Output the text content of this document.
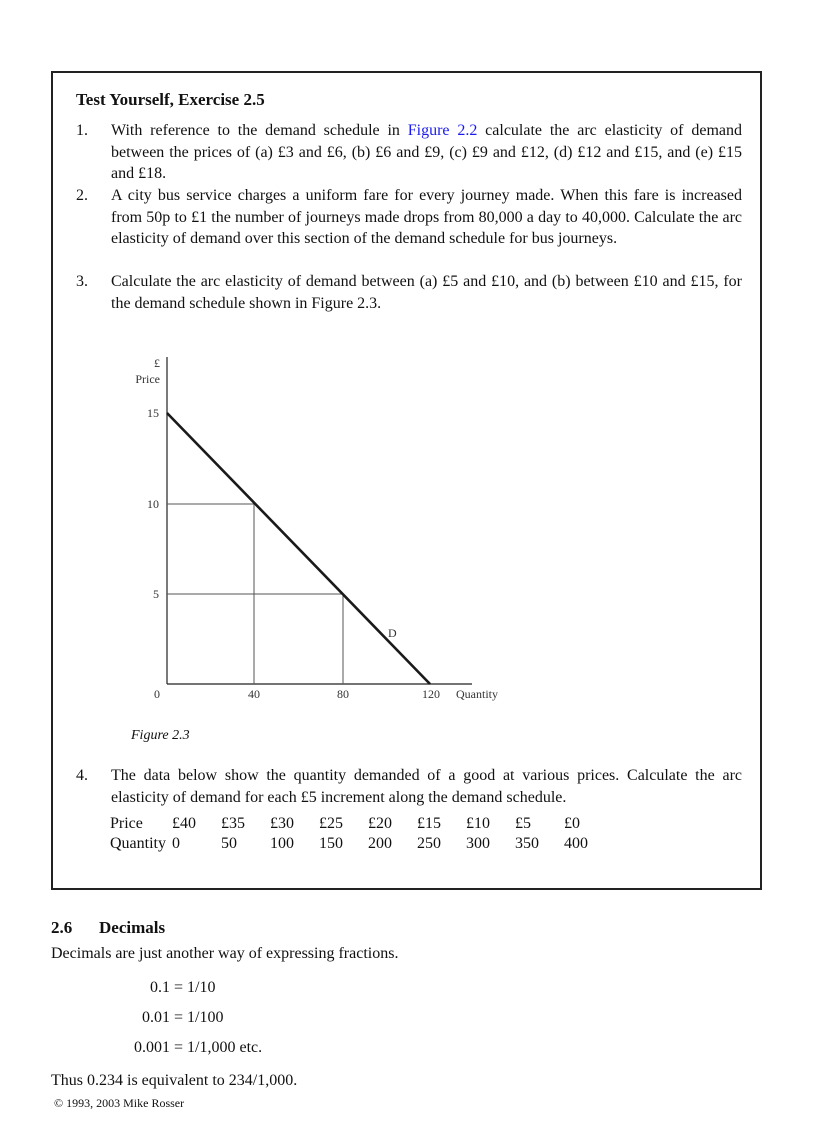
Test Yourself, Exercise 2.5
1.	With reference to the demand schedule in Figure 2.2 calculate the arc elasticity of demand between the prices of (a) £3 and £6, (b) £6 and £9, (c) £9 and £12, (d) £12 and £15, and (e) £15 and £18.
2.	A city bus service charges a uniform fare for every journey made. When this fare is increased from 50p to £1 the number of journeys made drops from 80,000 a day to 40,000. Calculate the arc elasticity of demand over this section of the demand schedule for bus journeys.
3.	Calculate the arc elasticity of demand between (a) £5 and £10, and (b) between £10 and £15, for the demand schedule shown in Figure 2.3.
£
Price
15
10
5
0	40	80	120 Quantity
D
Figure 2.3
4.	The data below show the quantity demanded of a good at various prices. Calculate the arc elasticity of demand for each £5 increment along the demand schedule.
Price	£40	£35	£30	£25	£20	£15	£10	£5	£0
Quantity	0	50	100	150	200	250	300	350	400
2.6 Decimals
Decimals are just another way of expressing fractions.
0.1
0.01
0.001
= 1/10
= 1/100
= 1/1,000 etc.
Thus 0.234 is equivalent to 234/1,000.
© 1993, 2003 Mike Rosser
